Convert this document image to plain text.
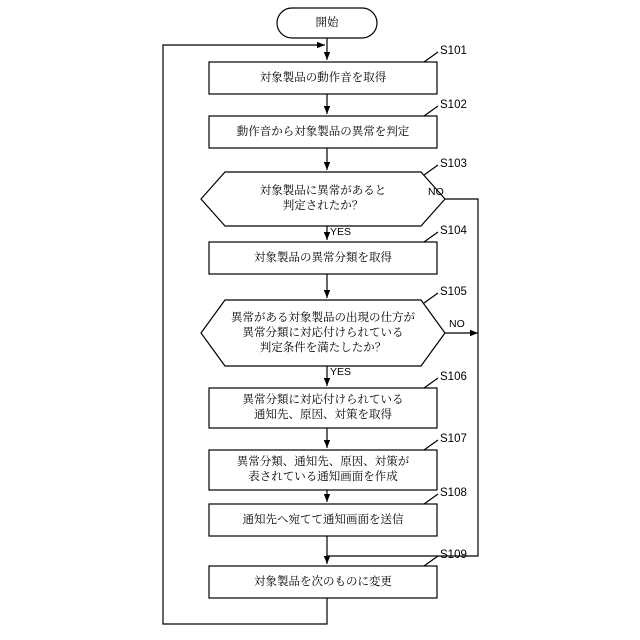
開始
対象製品の動作音を取得
動作音から対象製品の異常を判定
対象製品に異常があると
判定されたか？
対象製品の異常分類を取得
異常がある対象製品の出現の仕方が
異常分類に対応付けられている
判定条件を満たしたか？
異常分類に対応付けられている
通知先、原因、対策を取得
異常分類、通知先、原因、対策が
表されている通知画面を作成
通知先へ宛てて通知画面を送信
対象製品を次のものに変更
S101
S102
S103
S104
S105
S106
S107
S108
S109
NO
YES
NO
YES
